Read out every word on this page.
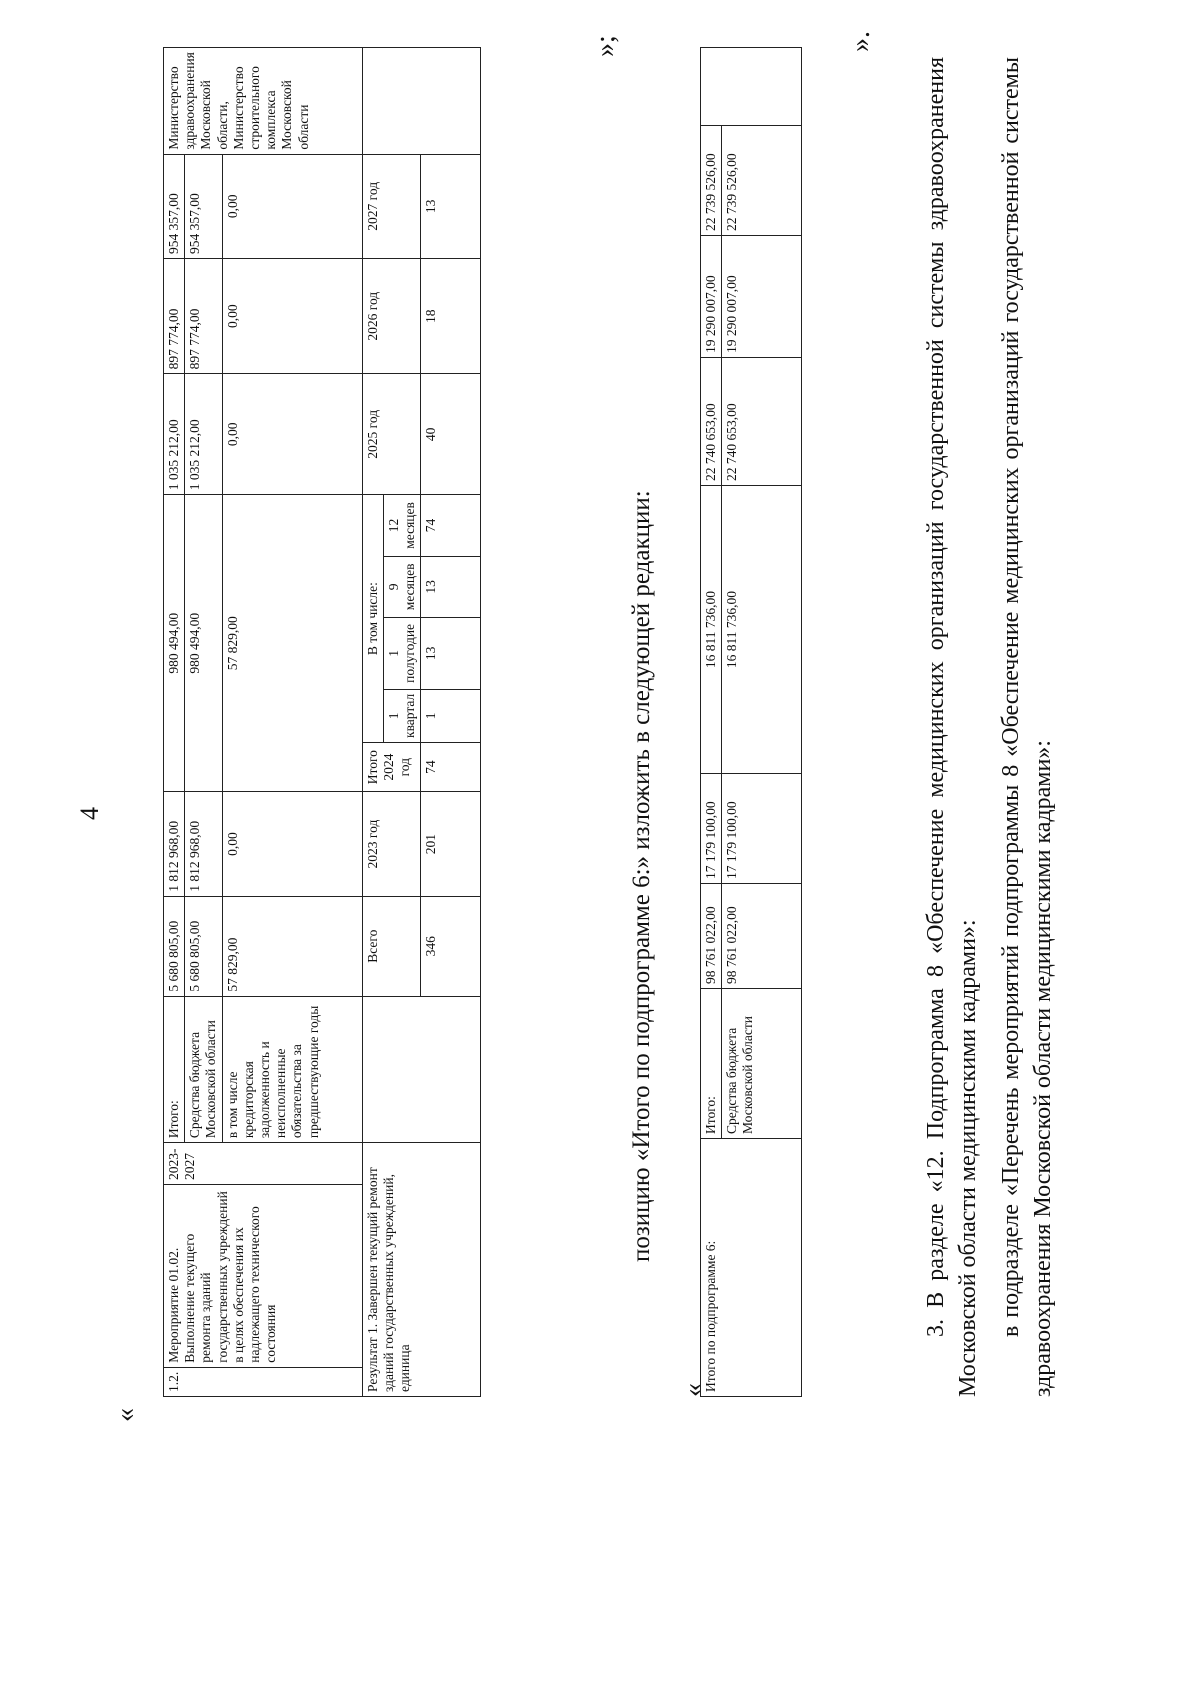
4
«
1.2.	Мероприятие 01.02. Выполнение текущего ремонта зданий государственных учреждений в целях обеспечения их надлежащего технического состояния	2023-2027	Итого:	5 680 805,00	1 812 968,00	980 494,00					1 035 212,00	897 774,00	954 357,00	Министерство здравоохранения Московской области, Министерство строительного комплекса Московской области
			Средства бюджета Московской области	5 680 805,00	1 812 968,00	980 494,00					1 035 212,00	897 774,00	954 357,00	
			в том числе кредиторская задолженность и неисполненные обязательства за предшествующие годы	57 829,00	0,00	57 829,00					0,00	0,00	0,00	
Результат 1. Завершен текущий ремонт зданий государственных учреждений, единица				Всего	2023 год	Итого 2024 год	В том числе:				2025 год	2026 год	2027 год	
							1 квартал	1 полугодие	9 месяцев	12 месяцев				
				346	201	74	1	13	13	74	40	18	13	
»;
позицию «Итого по подпрограмме 6:» изложить в следующей редакции:
«
Итого по подпрограмме 6:	Итого:	98 761 022,00	17 179 100,00	16 811 736,00	22 740 653,00	19 290 007,00	22 739 526,00	
	Средства бюджета Московской области	98 761 022,00	17 179 100,00	16 811 736,00	22 740 653,00	19 290 007,00	22 739 526,00	
».
3. В разделе «12. Подпрограмма 8 «Обеспечение медицинских организаций государственной системы здравоохранения Московской области медицинскими кадрами»: в подразделе «Перечень мероприятий подпрограммы 8 «Обеспечение медицинских организаций государственной системы здравоохранения Московской области медицинскими кадрами»:
